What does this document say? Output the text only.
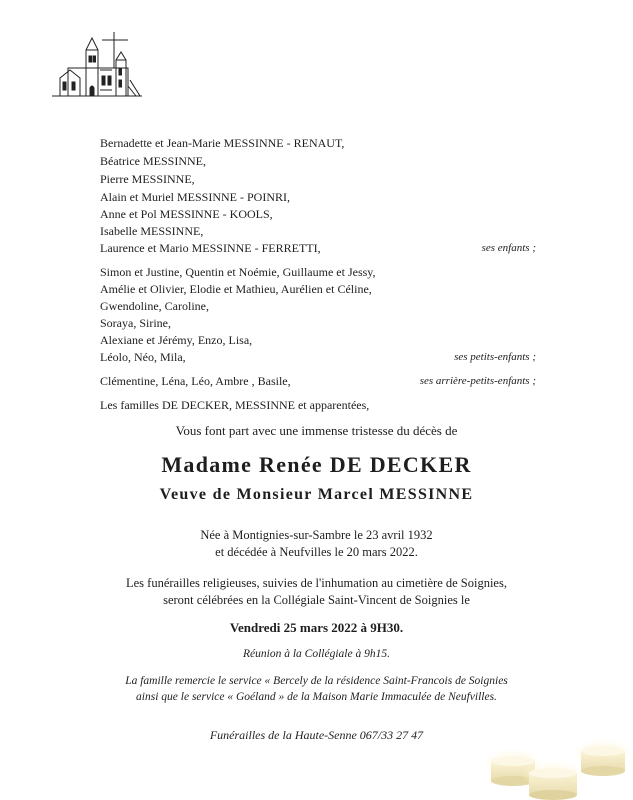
Bernadette et Jean-Marie MESSINNE - RENAUT,
Béatrice MESSINNE,
Pierre MESSINNE,
Alain et Muriel MESSINNE - POINRI,
Anne et Pol MESSINNE - KOOLS,
Isabelle MESSINNE,
Laurence et Mario MESSINNE - FERRETTI,	ses enfants ;
Simon et Justine, Quentin et Noémie, Guillaume et Jessy,
Amélie et Olivier, Elodie et Mathieu, Aurélien et Céline,
Gwendoline, Caroline,
Soraya, Sirine,
Alexiane et Jérémy, Enzo, Lisa,
Léolo, Néo, Mila,	ses petits-enfants ;
Clémentine, Léna, Léo, Ambre , Basile,	ses arrière-petits-enfants ;
Les familles DE DECKER, MESSINNE et apparentées,
Vous font part avec une immense tristesse du décès de
Madame Renée DE DECKER
Veuve de Monsieur Marcel MESSINNE
Née à Montignies-sur-Sambre le 23 avril 1932
et décédée à Neufvilles le 20 mars 2022.
Les funérailles religieuses, suivies de l'inhumation au cimetière de Soignies,
seront célébrées en la Collégiale Saint-Vincent de Soignies le
Vendredi 25 mars 2022 à 9H30.
Réunion à la Collégiale à 9h15.
La famille remercie le service « Bercely de la résidence Saint-Francois de Soignies
ainsi que le service « Goéland » de la Maison Marie Immaculée de Neufvilles.
Funérailles de la Haute-Senne 067/33 27 47
